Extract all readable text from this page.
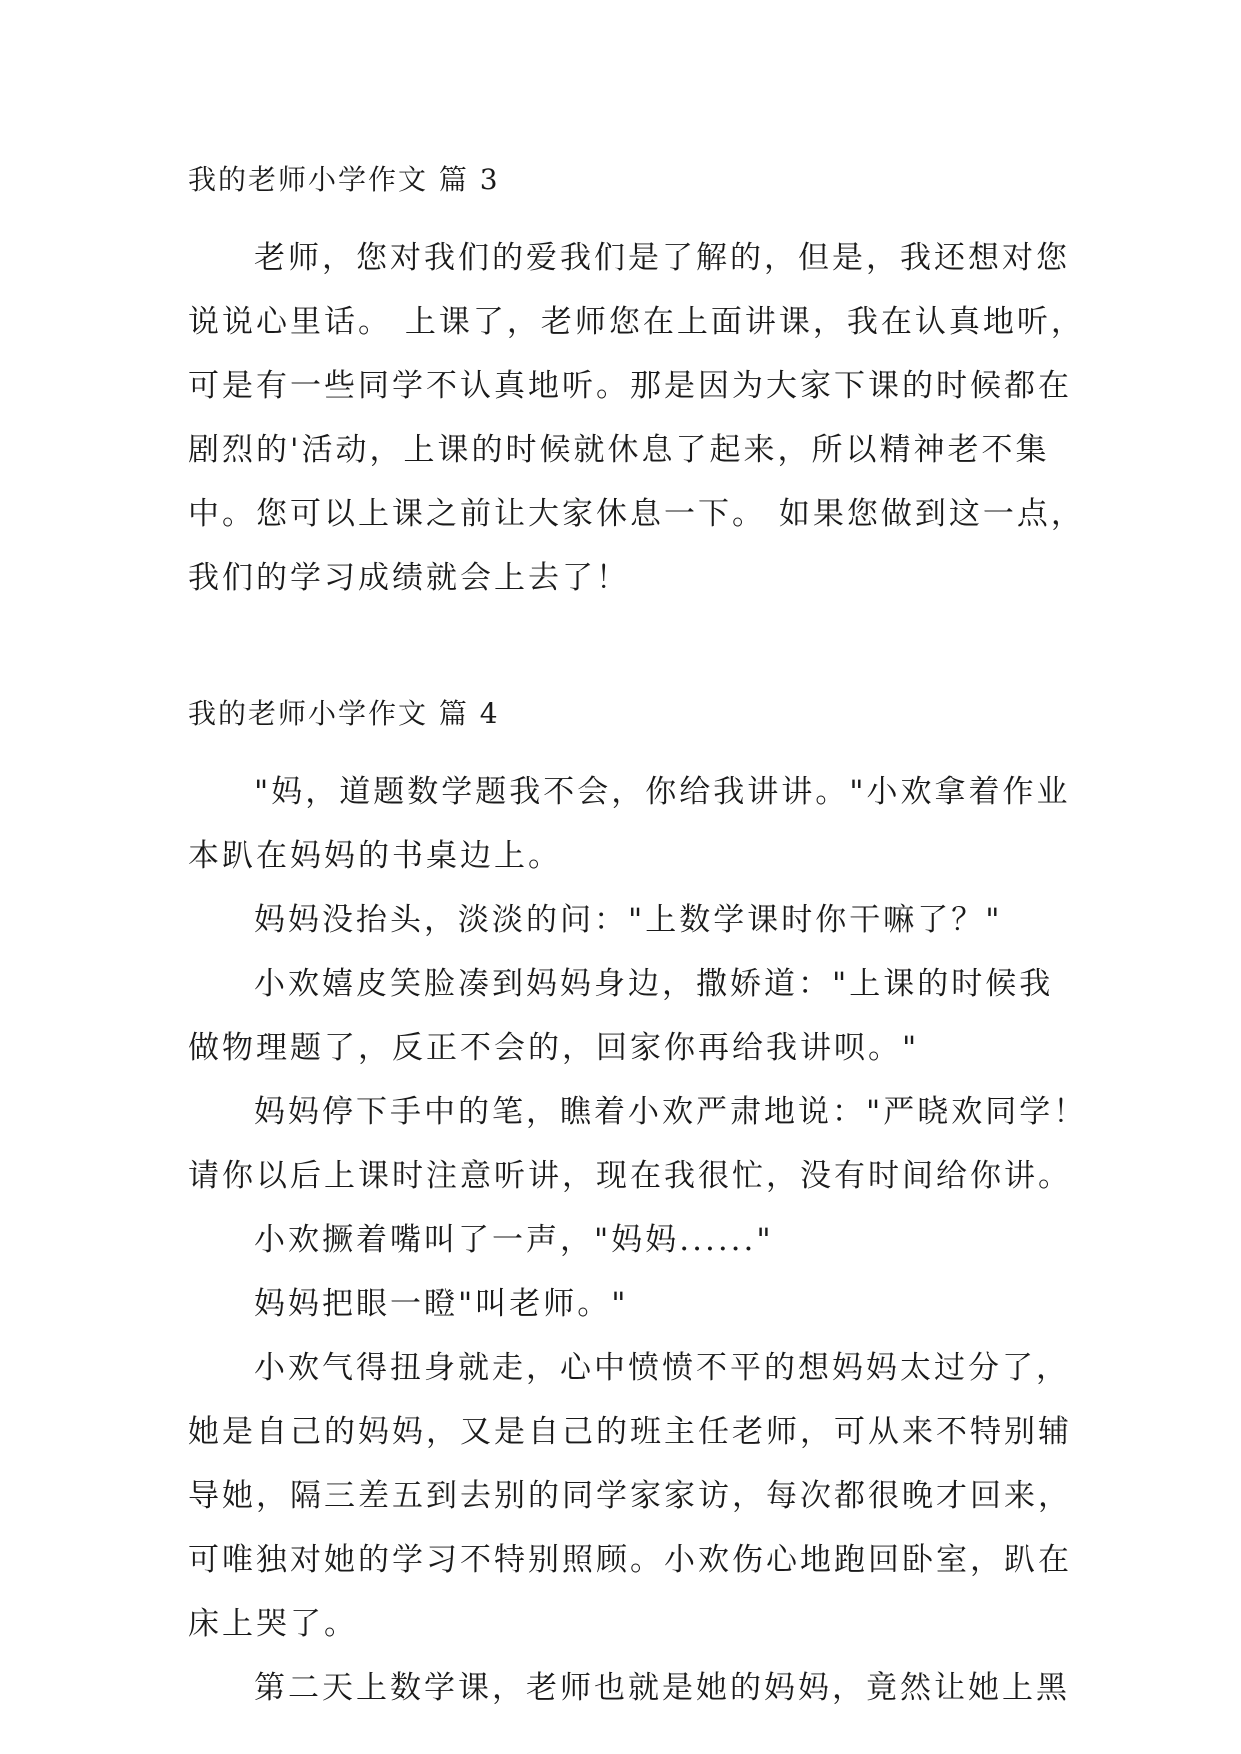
我的老师小学作文 篇 3

老师，您对我们的爱我们是了解的，但是，我还想对您
说说心里话。 上课了，老师您在上面讲课，我在认真地听，
可是有一些同学不认真地听。那是因为大家下课的时候都在
剧烈的'活动，上课的时候就休息了起来，所以精神老不集
中。您可以上课之前让大家休息一下。 如果您做到这一点，
我们的学习成绩就会上去了！

我的老师小学作文 篇 4

"妈，道题数学题我不会，你给我讲讲。"小欢拿着作业
本趴在妈妈的书桌边上。

妈妈没抬头，淡淡的问："上数学课时你干嘛了？"

小欢嬉皮笑脸凑到妈妈身边，撒娇道："上课的时候我
做物理题了，反正不会的，回家你再给我讲呗。"

妈妈停下手中的笔，瞧着小欢严肃地说："严晓欢同学！
请你以后上课时注意听讲，现在我很忙，没有时间给你讲。

小欢撅着嘴叫了一声，"妈妈......"

妈妈把眼一瞪"叫老师。"

小欢气得扭身就走，心中愤愤不平的想妈妈太过分了，
她是自己的妈妈，又是自己的班主任老师，可从来不特别辅
导她，隔三差五到去别的同学家家访，每次都很晚才回来，
可唯独对她的学习不特别照顾。小欢伤心地跑回卧室，趴在
床上哭了。

第二天上数学课，老师也就是她的妈妈，竟然让她上黑
